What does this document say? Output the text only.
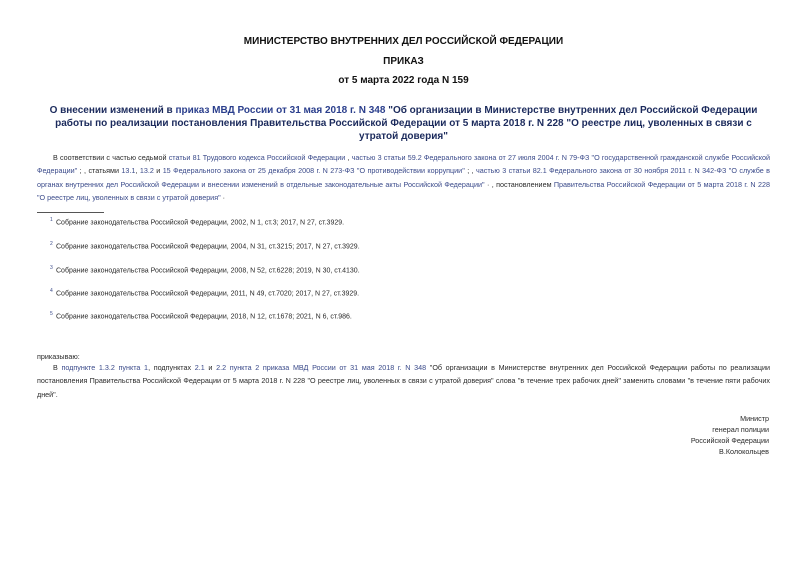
МИНИСТЕРСТВО ВНУТРЕННИХ ДЕЛ РОССИЙСКОЙ ФЕДЕРАЦИИ
ПРИКАЗ
от 5 марта 2022 года N 159
О внесении изменений в приказ МВД России от 31 мая 2018 г. N 348 "Об организации в Министерстве внутренних дел Российской Федерации работы по реализации постановления Правительства Российской Федерации от 5 марта 2018 г. N 228 "О реестре лиц, уволенных в связи с утратой доверия"
В соответствии с частью седьмой статьи 81 Трудового кодекса Российской Федерации , частью 3 статьи 59.2 Федерального закона от 27 июля 2004 г. N 79-ФЗ "О государственной гражданской службе Российской Федерации" ; , статьями 13.1, 13.2 и 15 Федерального закона от 25 декабря 2008 г. N 273-ФЗ "О противодействии коррупции" ; , частью 3 статьи 82.1 Федерального закона от 30 ноября 2011 г. N 342-ФЗ "О службе в органах внутренних дел Российской Федерации и внесении изменений в отдельные законодательные акты Российской Федерации" · , постановлением Правительства Российской Федерации от 5 марта 2018 г. N 228 "О реестре лиц, уволенных в связи с утратой доверия" ·
1 Собрание законодательства Российской Федерации, 2002, N 1, ст.3; 2017, N 27, ст.3929.
2 Собрание законодательства Российской Федерации, 2004, N 31, ст.3215; 2017, N 27, ст.3929.
3 Собрание законодательства Российской Федерации, 2008, N 52, ст.6228; 2019, N 30, ст.4130.
4 Собрание законодательства Российской Федерации, 2011, N 49, ст.7020; 2017, N 27, ст.3929.
5 Собрание законодательства Российской Федерации, 2018, N 12, ст.1678; 2021, N 6, ст.986.
приказываю:
В подпункте 1.3.2 пункта 1, подпунктах 2.1 и 2.2 пункта 2 приказа МВД России от 31 мая 2018 г. N 348 "Об организации в Министерстве внутренних дел Российской Федерации работы по реализации постановления Правительства Российской Федерации от 5 марта 2018 г. N 228 "О реестре лиц, уволенных в связи с утратой доверия" слова "в течение трех рабочих дней" заменить словами "в течение пяти рабочих дней".
Министр
генерал полиции
Российской Федерации
В.Колокольцев
